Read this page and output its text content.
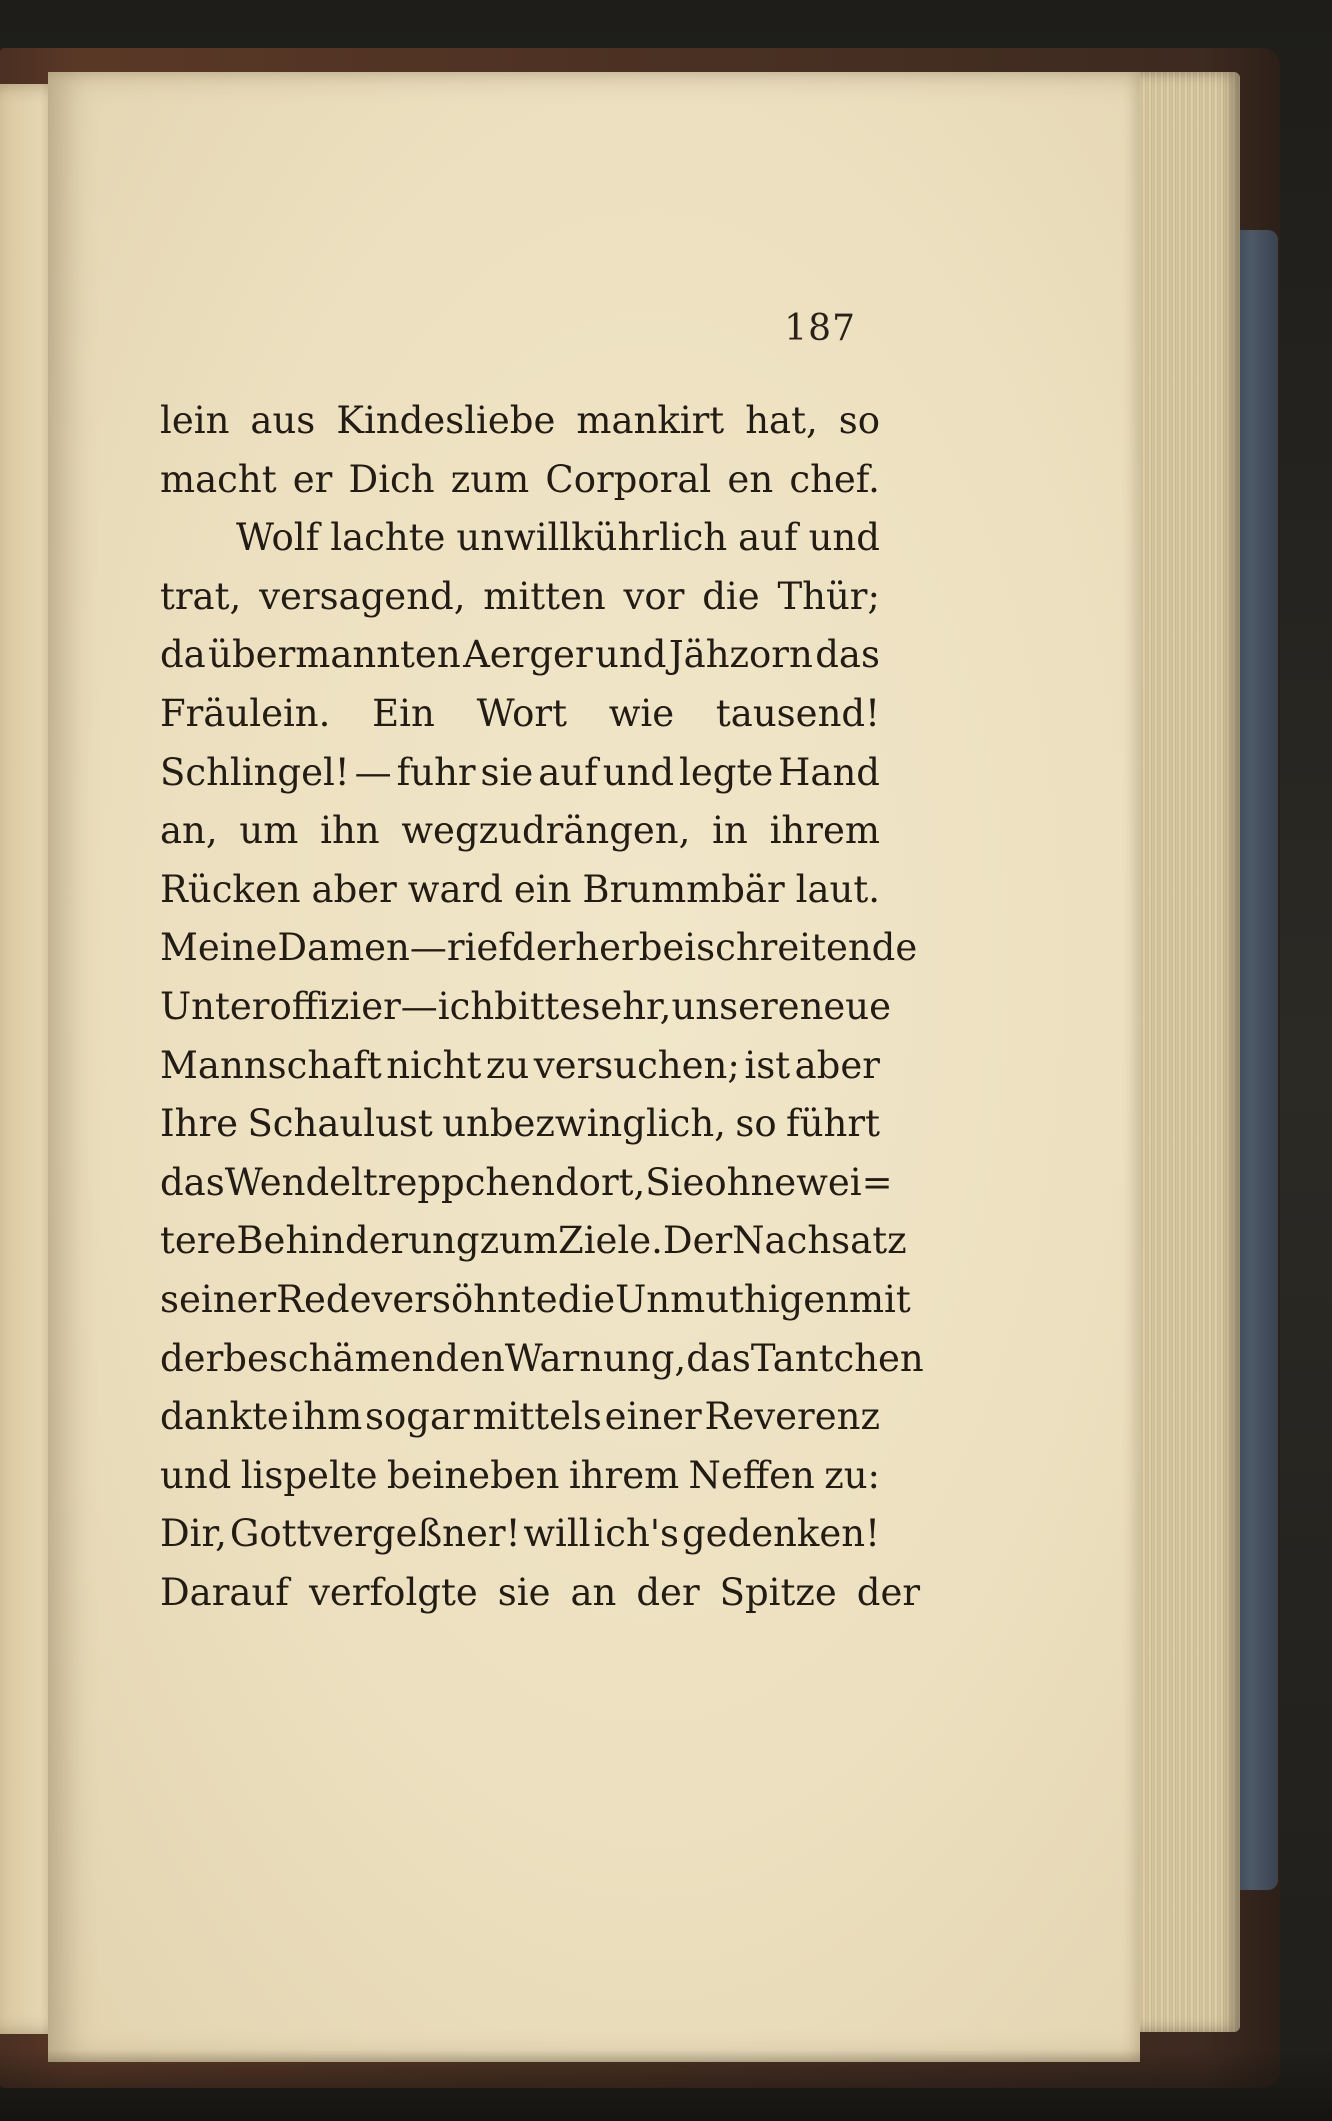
187
lein aus Kindesliebe mankirt hat, so
macht er Dich zum Corporal en chef.
Wolf lachte unwillkührlich auf und
trat, versagend, mitten vor die Thür;
da übermannten Aerger und Jähzorn das
Fräulein. Ein Wort wie tausend!
Schlingel! — fuhr sie auf und legte Hand
an, um ihn wegzudrängen, in ihrem
Rücken aber ward ein Brummbär laut.
Meine Damen — rief der herbeischreitende
Unteroffizier — ich bitte sehr, unsere neue
Mannschaft nicht zu versuchen; ist aber
Ihre Schaulust unbezwinglich, so führt
das Wendeltreppchen dort, Sie ohne wei=
tere Behinderung zum Ziele. Der Nachsatz
seiner Rede versöhnte die Unmuthigen mit
der beschämenden Warnung, das Tantchen
dankte ihm sogar mittels einer Reverenz
und lispelte beineben ihrem Neffen zu:
Dir, Gottvergeßner! will ich's gedenken!
Darauf verfolgte sie an der Spitze der
